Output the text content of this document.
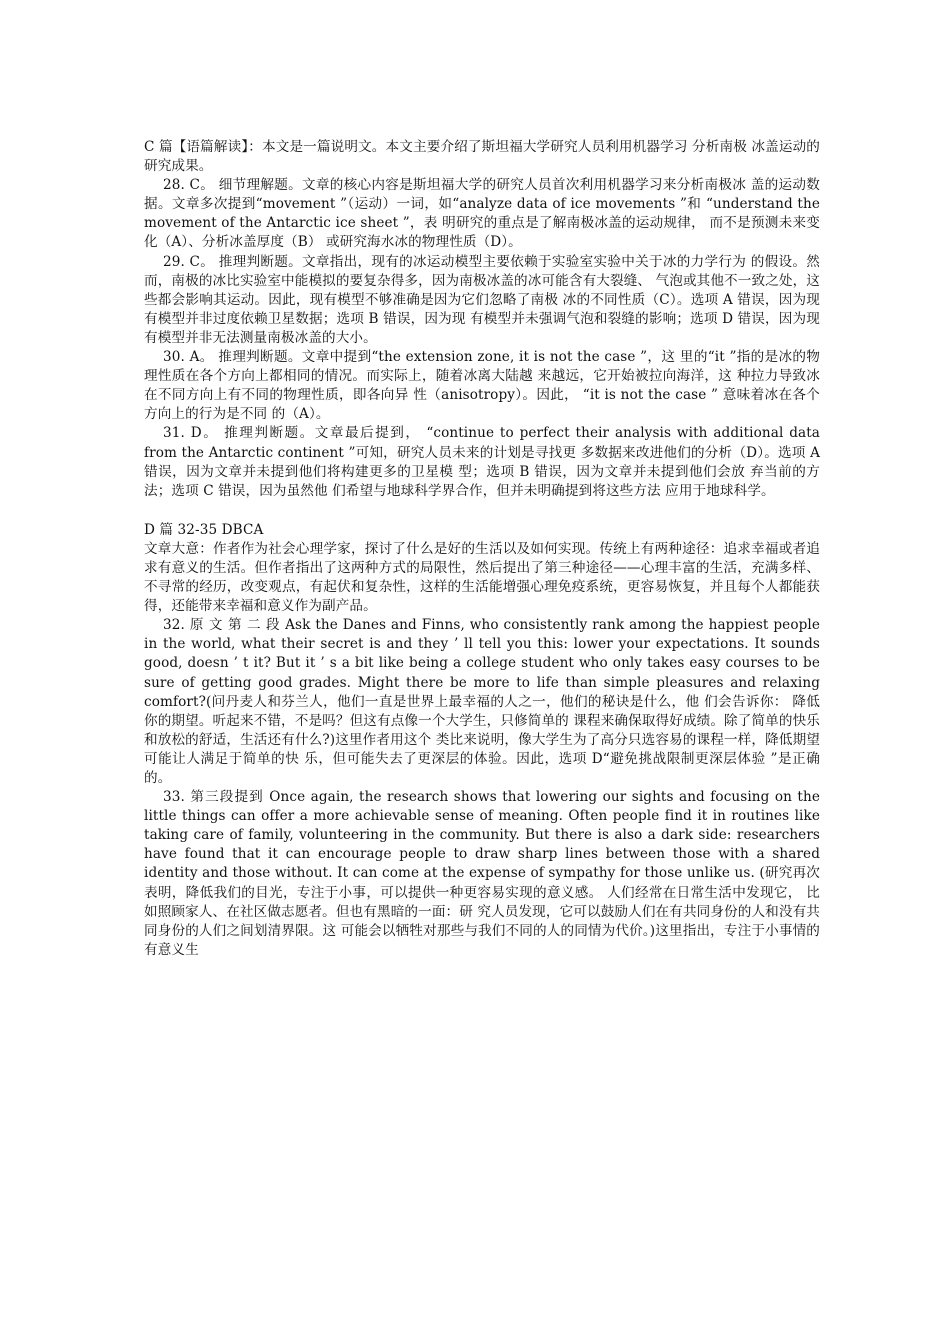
C 篇【语篇解读】：本文是一篇说明文。本文主要介绍了斯坦福大学研究人员利用机器学习 分析南极 冰盖运动的研究成果。

28. C。 细节理解题。文章的核心内容是斯坦福大学的研究人员首次利用机器学习来分析南极冰 盖的运动数据。文章多次提到“movement ”（运动）一词，如“analyze data of ice movements ”和 “understand the movement of the Antarctic ice sheet ”，表 明研究的重点是了解南极冰盖的运动规律， 而不是预测未来变化（A）、分析冰盖厚度（B） 或研究海水冰的物理性质（D）。

29. C。 推理判断题。文章指出，现有的冰运动模型主要依赖于实验室实验中关于冰的力学行为 的假设。然而，南极的冰比实验室中能模拟的要复杂得多，因为南极冰盖的冰可能含有大裂缝、 气泡或其他不一致之处，这些都会影响其运动。因此，现有模型不够准确是因为它们忽略了南极 冰的不同性质（C）。选项 A 错误，因为现有模型并非过度依赖卫星数据；选项 B 错误，因为现 有模型并未强调气泡和裂缝的影响；选项 D 错误，因为现有模型并非无法测量南极冰盖的大小。

30. A。 推理判断题。文章中提到“the extension zone, it is not the case ”，这 里的“it ”指的是冰的物 理性质在各个方向上都相同的情况。而实际上，随着冰离大陆越 来越远，它开始被拉向海洋，这 种拉力导致冰在不同方向上有不同的物理性质，即各向异 性（anisotropy）。因此， “it is not the case ” 意味着冰在各个方向上的行为是不同 的（A）。

31. D。 推理判断题。文章最后提到， “continue to perfect their analysis with additional data from the Antarctic continent ”可知，研究人员未来的计划是寻找更 多数据来改进他们的分析（D）。选项 A 错误，因为文章并未提到他们将构建更多的卫星模 型；选项 B 错误，因为文章并未提到他们会放 弃当前的方法；选项 C 错误，因为虽然他 们希望与地球科学界合作，但并未明确提到将这些方法 应用于地球科学。

D 篇 32-35 DBCA

文章大意：作者作为社会心理学家，探讨了什么是好的生活以及如何实现。传统上有两种途径：追求幸福或者追求有意义的生活。但作者指出了这两种方式的局限性，然后提出了第三种途径——心理丰富的生活，充满多样、不寻常的经历，改变观点，有起伏和复杂性，这样的生活能增强心理免疫系统，更容易恢复，并且每个人都能获得，还能带来幸福和意义作为副产品。

32. 原 文 第 二 段 Ask the Danes and Finns, who consistently rank among the happiest people in the world, what their secret is and they ’ ll tell you this: lower your expectations. It sounds good, doesn ’ t it? But it ’ s a bit like being a college student who only takes easy courses to be sure of getting good grades. Might there be more to life than simple pleasures and relaxing comfort?(问丹麦人和芬兰人，他们一直是世界上最幸福的人之一，他们的秘诀是什么，他 们会告诉你： 降低你的期望。听起来不错，不是吗？但这有点像一个大学生，只修简单的 课程来确保取得好成绩。除了简单的快乐和放松的舒适，生活还有什么?)这里作者用这个 类比来说明，像大学生为了高分只选容易的课程一样，降低期望可能让人满足于简单的快 乐，但可能失去了更深层的体验。因此，选项 D“避免挑战限制更深层体验 ”是正确的。

33. 第三段提到 Once again, the research shows that lowering our sights and focusing on the little things can offer a more achievable sense of meaning. Often people find it in routines like taking care of family, volunteering in the community. But there is also a dark side: researchers have found that it can encourage people to draw sharp lines between those with a shared identity and those without. It can come at the expense of sympathy for those unlike us. (研究再次表明，降低我们的目光，专注于小事，可以提供一种更容易实现的意义感。 人们经常在日常生活中发现它， 比如照顾家人、在社区做志愿者。但也有黑暗的一面：研 究人员发现，它可以鼓励人们在有共同身份的人和没有共同身份的人们之间划清界限。这 可能会以牺牲对那些与我们不同的人的同情为代价。)这里指出，专注于小事情的有意义生
